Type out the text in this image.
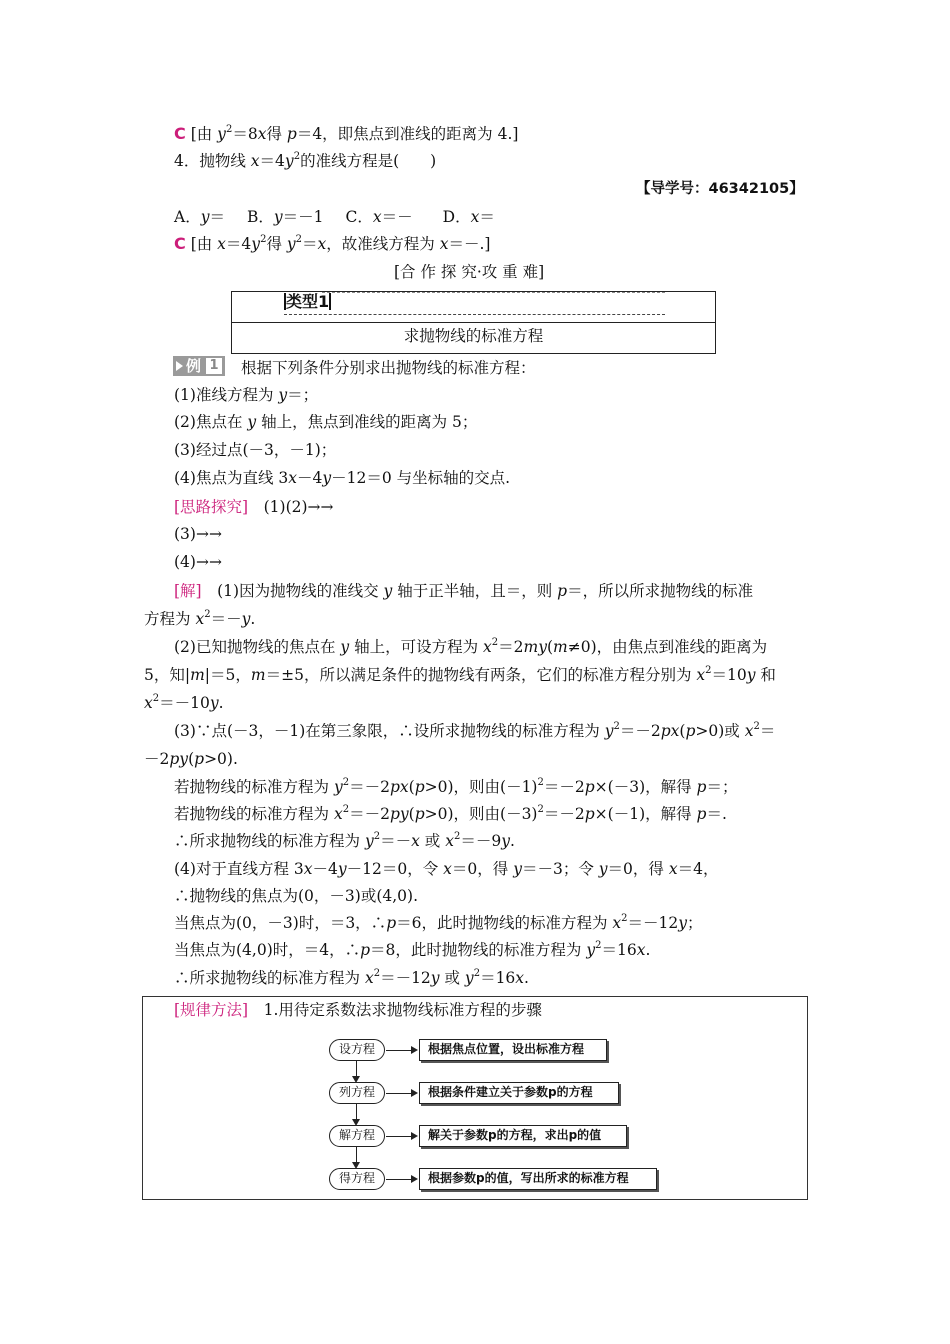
C [由 $y^2=8x$得 p＝4，即焦点到准线的距离为 4.]
4．抛物线 $x=4y^2$的准线方程是(　　)
【导学号：46342105】
A．y＝ B．y＝－1 C．x＝－ D．x＝
C [由 $x=4y^2$得 $y^2=x$，故准线方程为 x＝－.]
[合 作 探 究·攻 重 难]
类型1
求抛物线的标准方程
例 1 根据下列条件分别求出抛物线的标准方程：
(1)准线方程为 y＝；
(2)焦点在 y 轴上，焦点到准线的距离为 5；
(3)经过点(－3，－1)；
(4)焦点为直线 3x－4y－12＝0 与坐标轴的交点.
[思路探究]　 (1)(2)→→
(3)→→
(4)→→
[解]　 (1)因为抛物线的准线交 y 轴于正半轴，且＝，则 p＝，所以所求抛物线的标准
方程为 $x^2=-y$.
(2)已知抛物线的焦点在 y 轴上，可设方程为 $x^2=2my(m\ne 0)$，由焦点到准线的距离为
5，知|m|＝5，m＝±5，所以满足条件的抛物线有两条，它们的标准方程分别为 $x^2=10y$ 和
$x^2=-10y$.
(3)∵点(－3，－1)在第三象限，∴设所求抛物线的标准方程为 $y^2=-2px(p>0)$或 $x^2=$
－2py(p>0).
若抛物线的标准方程为 $y^2=-2px(p>0)$，则由$(-1)^2=-2p\times(-3)$，解得 p＝；
若抛物线的标准方程为 $x^2=-2py(p>0)$，则由$(-3)^2=-2p\times(-1)$，解得 p＝.
∴所求抛物线的标准方程为 $y^2=-x$ 或 $x^2=-9y$.
(4)对于直线方程 3x－4y－12＝0，令 x＝0，得 y＝－3；令 y＝0，得 x＝4，
∴抛物线的焦点为(0，－3)或(4,0).
当焦点为(0，－3)时，＝3，∴p＝6，此时抛物线的标准方程为 $x^2=-12y$；
当焦点为(4,0)时，＝4，∴p＝8，此时抛物线的标准方程为 $y^2=16x$.
∴所求抛物线的标准方程为 $x^2=-12y$ 或 $y^2=16x$.
[规律方法]　 1.用待定系数法求抛物线标准方程的步骤
设方程	根据焦点位置，设出标准方程
列方程	根据条件建立关于参数p的方程
解方程	解关于参数p的方程，求出p的值
得方程	根据参数p的值，写出所求的标准方程
